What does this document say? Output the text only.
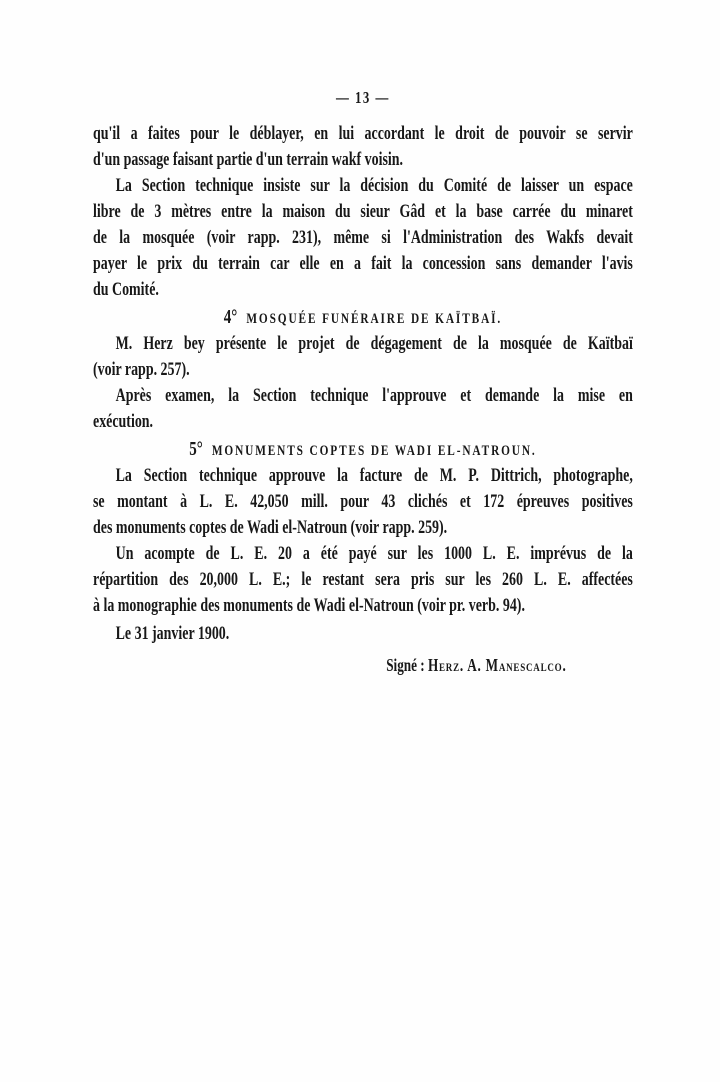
— 13 —
qu'il a faites pour le déblayer, en lui accordant le droit de pouvoir se servir
d'un passage faisant partie d'un terrain wakf voisin.
La Section technique insiste sur la décision du Comité de laisser un espace
libre de 3 mètres entre la maison du sieur Gâd et la base carrée du minaret
de la mosquée (voir rapp. 231), même si l'Administration des Wakfs devait
payer le prix du terrain car elle en a fait la concession sans demander l'avis
du Comité.
4° MOSQUÉE FUNÉRAIRE DE KAÏTBAÏ.
M. Herz bey présente le projet de dégagement de la mosquée de Kaïtbaï
(voir rapp. 257).
Après examen, la Section technique l'approuve et demande la mise en
exécution.
5° MONUMENTS COPTES DE WADI EL-NATROUN.
La Section technique approuve la facture de M. P. Dittrich, photographe,
se montant à L. E. 42,050 mill. pour 43 clichés et 172 épreuves positives
des monuments coptes de Wadi el-Natroun (voir rapp. 259).
Un acompte de L. E. 20 a été payé sur les 1000 L. E. imprévus de la
répartition des 20,000 L. E.; le restant sera pris sur les 260 L. E. affectées
à la monographie des monuments de Wadi el-Natroun (voir pr. verb. 94).
Le 31 janvier 1900.
Signé : Herz. A. Manescalco.
